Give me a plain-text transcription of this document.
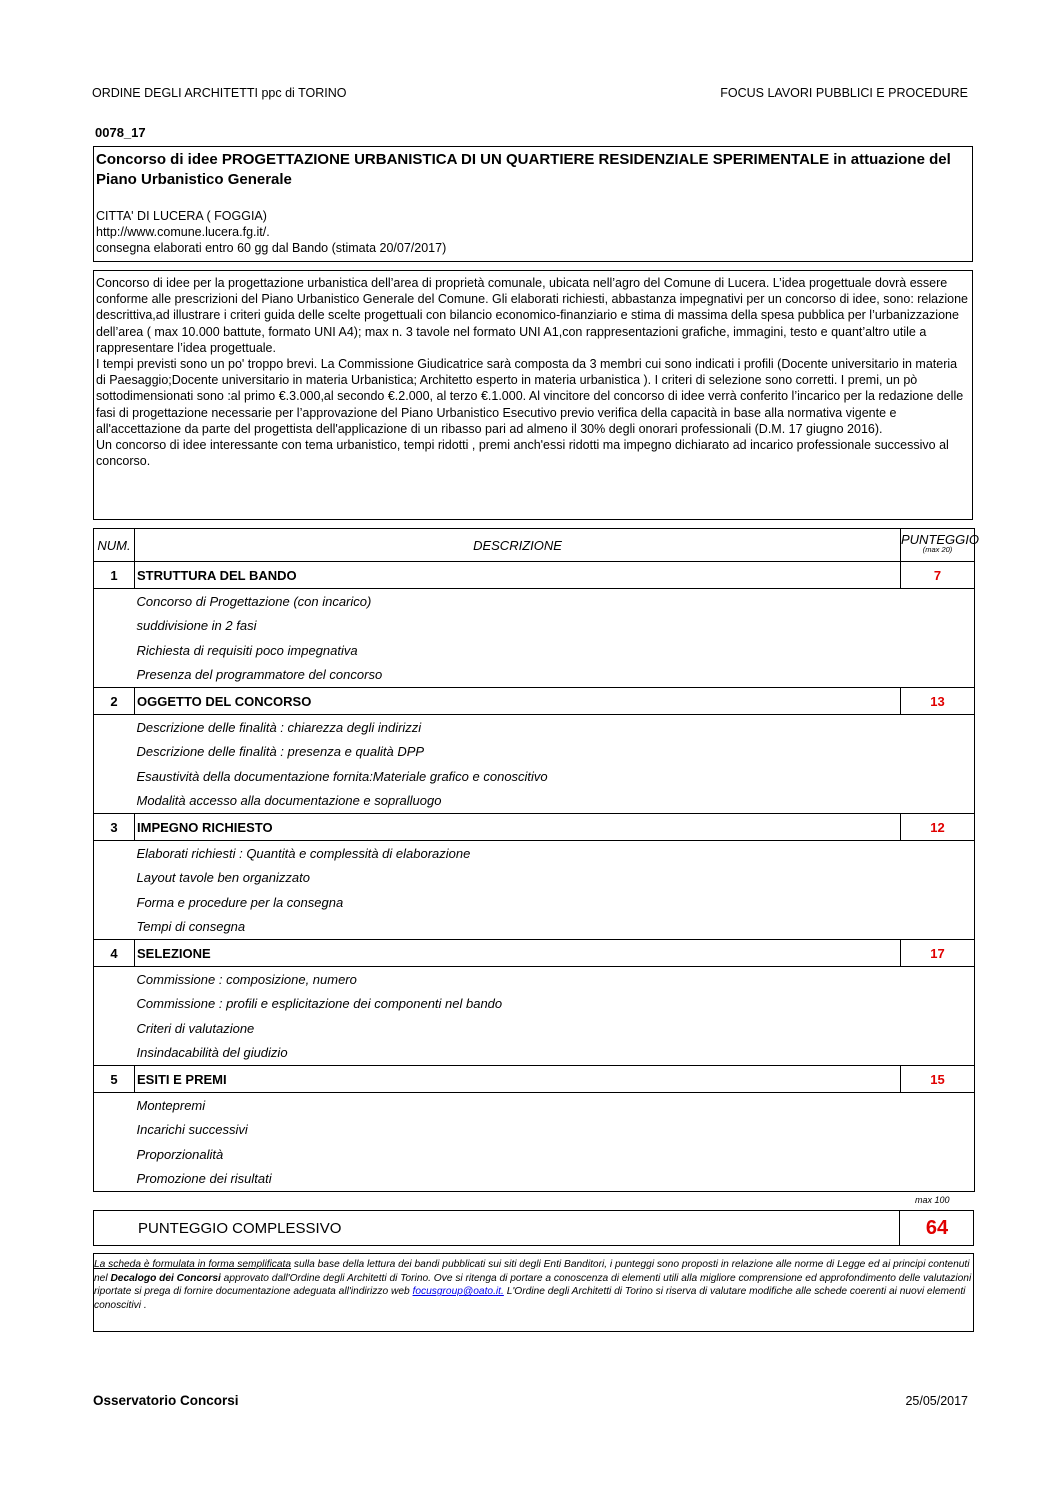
ORDINE DEGLI ARCHITETTI ppc di TORINO	FOCUS LAVORI PUBBLICI E PROCEDURE
0078_17
Concorso di idee PROGETTAZIONE URBANISTICA DI UN QUARTIERE RESIDENZIALE SPERIMENTALE in attuazione del Piano Urbanistico Generale
CITTA' DI LUCERA ( FOGGIA)
http://www.comune.lucera.fg.it/.
consegna elaborati entro 60 gg dal Bando (stimata 20/07/2017)
Concorso di idee per la progettazione urbanistica dell’area di proprietà comunale, ubicata nell’agro del Comune di Lucera. L’idea progettuale dovrà essere conforme alle prescrizioni del Piano Urbanistico Generale del Comune. Gli elaborati richiesti, abbastanza impegnativi per un concorso di idee, sono: relazione descrittiva,ad illustrare i criteri guida delle scelte progettuali con bilancio economico-finanziario e stima di massima della spesa pubblica per l’urbanizzazione dell’area ( max 10.000 battute, formato UNI A4); max n. 3 tavole nel formato UNI A1,con rappresentazioni grafiche, immagini, testo e quant’altro utile a rappresentare l’idea progettuale.
I tempi previsti sono un po' troppo brevi. La Commissione Giudicatrice sarà composta da 3 membri cui sono indicati i profili (Docente universitario in materia di Paesaggio;Docente universitario in materia Urbanistica; Architetto esperto in materia urbanistica ). I criteri di selezione sono corretti. I premi, un pò sottodimensionati sono :al primo €.3.000,al secondo €.2.000, al terzo €.1.000. Al vincitore del concorso di idee verrà conferito l’incarico per la redazione delle fasi di progettazione necessarie per l’approvazione del Piano Urbanistico Esecutivo previo verifica della capacità in base alla normativa vigente e all'accettazione da parte del progettista dell'applicazione di un ribasso pari ad almeno il 30% degli onorari professionali (D.M. 17 giugno 2016).
Un concorso di idee interessante con tema urbanistico, tempi ridotti , premi anch'essi ridotti ma impegno dichiarato ad incarico professionale successivo al concorso.
NUM.	DESCRIZIONE	PUNTEGGIO
(max 20)

1	STRUTTURA DEL BANDO	7
	Concorso di Progettazione (con incarico)	
	suddivisione in 2 fasi	
	Richiesta di requisiti poco impegnativa	
	Presenza del programmatore del concorso	
2	OGGETTO DEL CONCORSO	13
	Descrizione delle finalità : chiarezza degli indirizzi	
	Descrizione delle finalità : presenza e qualità DPP	
	Esaustività della documentazione fornita:Materiale grafico e conoscitivo	
	Modalità accesso alla documentazione e sopralluogo	
3	IMPEGNO RICHIESTO	12
	Elaborati richiesti : Quantità e complessità di elaborazione	
	Layout tavole ben organizzato	
	Forma e procedure per la consegna	
	Tempi di consegna	
4	SELEZIONE	17
	Commissione : composizione, numero	
	Commissione : profili e esplicitazione dei componenti nel bando	
	Criteri di valutazione	
	Insindacabilità del giudizio	
5	ESITI E PREMI	15
	Montepremi	
	Incarichi successivi	
	Proporzionalità	
	Promozione dei risultati	
max 100
PUNTEGGIO COMPLESSIVO	64
La scheda è formulata in forma semplificata sulla base della lettura dei bandi pubblicati sui siti degli Enti Banditori, i punteggi sono proposti in relazione alle norme di Legge ed ai principi contenuti nel Decalogo dei Concorsi approvato dall'Ordine degli Architetti di Torino. Ove si ritenga di portare a conoscenza di elementi utili alla migliore comprensione ed approfondimento delle valutazioni riportate si prega di fornire documentazione adeguata all'indirizzo web focusgroup@oato.it. L'Ordine degli Architetti di Torino si riserva di valutare modifiche alle schede coerenti ai nuovi elementi conoscitivi .
Osservatorio Concorsi	25/05/2017
